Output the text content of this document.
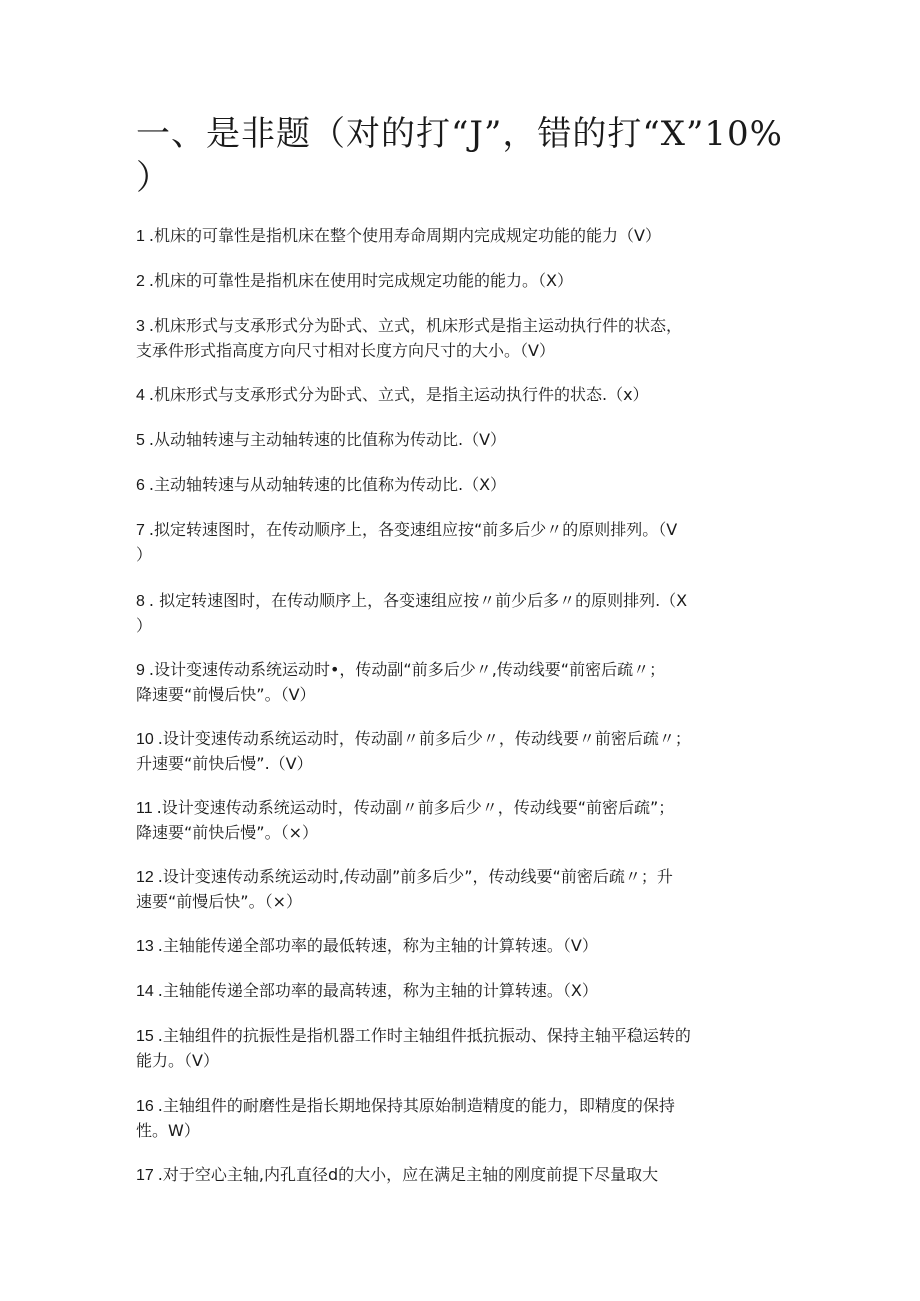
一、是非题（对的打“J”，错的打“X”10%
）

1 .机床的可靠性是指机床在整个使用寿命周期内完成规定功能的能力（V）

2 .机床的可靠性是指机床在使用时完成规定功能的能力。（X）

3 .机床形式与支承形式分为卧式、立式，机床形式是指主运动执行件的状态，
支承件形式指高度方向尺寸相对长度方向尺寸的大小。（V）

4 .机床形式与支承形式分为卧式、立式，是指主运动执行件的状态.（x）

5 .从动轴转速与主动轴转速的比值称为传动比.（V）

6 .主动轴转速与从动轴转速的比值称为传动比.（X）

7 .拟定转速图时，在传动顺序上，各变速组应按“前多后少〃的原则排列。（V
）

8 . 拟定转速图时，在传动顺序上，各变速组应按〃前少后多〃的原则排列.（X
）

9 .设计变速传动系统运动时•，传动副“前多后少〃,传动线要“前密后疏〃；
降速要“前慢后快”。（V）

10 .设计变速传动系统运动时，传动副〃前多后少〃，传动线要〃前密后疏〃；
升速要“前快后慢”.（V）

11 .设计变速传动系统运动时，传动副〃前多后少〃，传动线要“前密后疏”；
降速要“前快后慢”。（×）

12 .设计变速传动系统运动时,传动副”前多后少”，传动线要“前密后疏〃；升
速要“前慢后快”。（×）

13 .主轴能传递全部功率的最低转速，称为主轴的计算转速。（V）

14 .主轴能传递全部功率的最高转速，称为主轴的计算转速。（X）

15 .主轴组件的抗振性是指机器工作时主轴组件抵抗振动、保持主轴平稳运转的
能力。（V）

16 .主轴组件的耐磨性是指长期地保持其原始制造精度的能力，即精度的保持
性。W）

17 .对于空心主轴,内孔直径d的大小，应在满足主轴的刚度前提下尽量取大
